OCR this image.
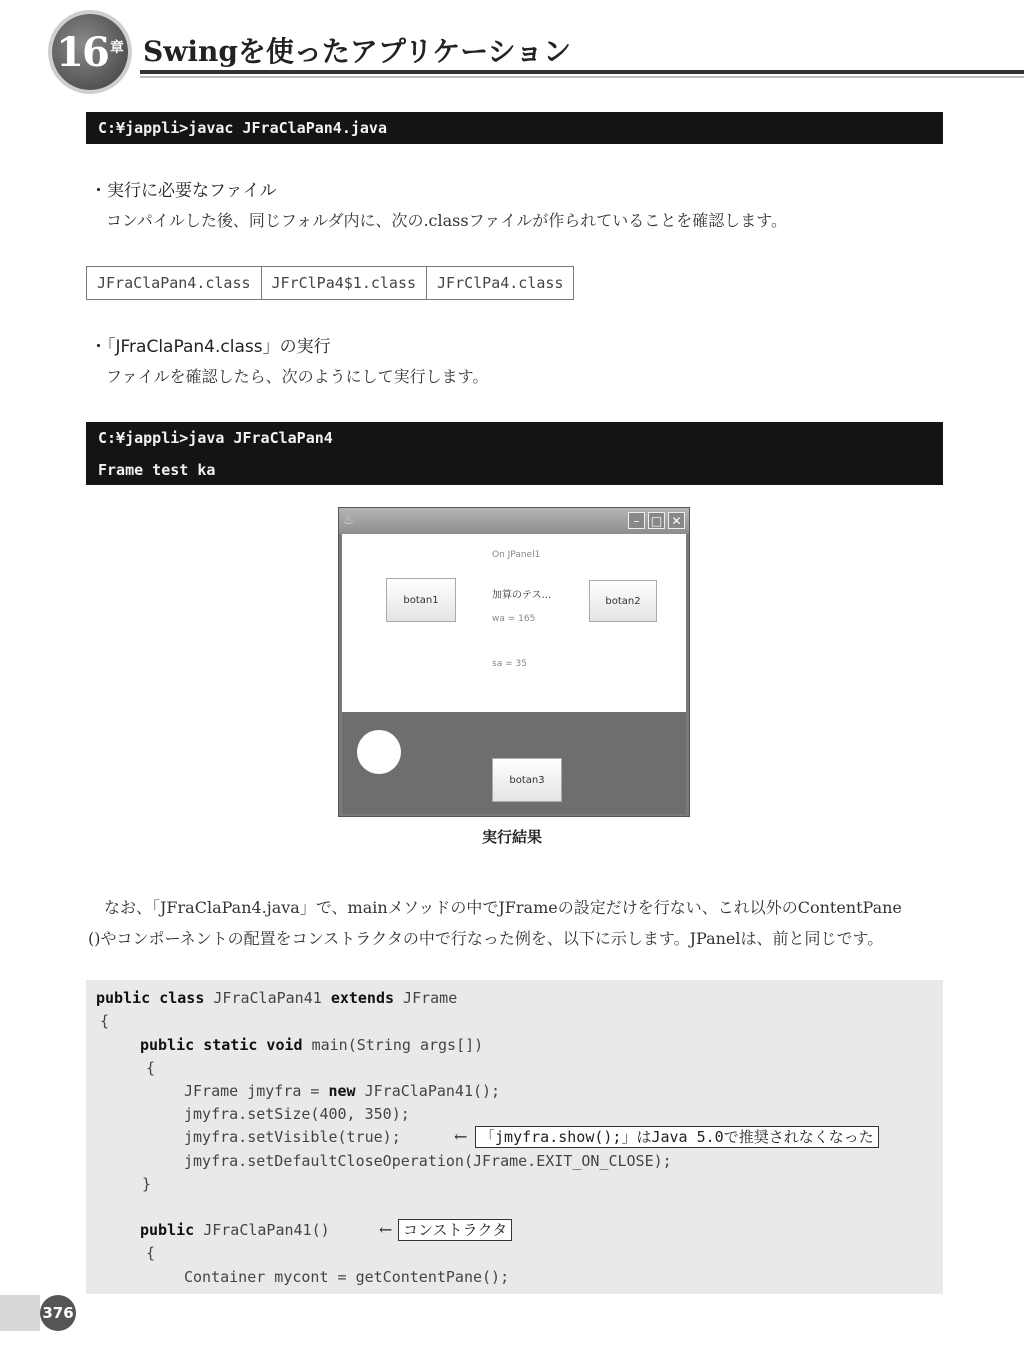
16 章 Swingを使ったアプリケーション
C:¥jappli>javac JFraClaPan4.java
・実行に必要なファイル
コンパイルした後、同じフォルダ内に、次の.classファイルが作られていることを確認します。
JFraClaPan4.class	JFrClPa4$1.class	JFrClPa4.class
・「JFraClaPan4.class」の実行
ファイルを確認したら、次のようにして実行します。
C:¥jappli>java JFraClaPan4
Frame test ka
♨	– □ ✕
On JPanel1
botan1	加算のテス...	botan2
wa = 165
sa = 35
botan3
実行結果
なお、「JFraClaPan4.java」で、mainメソッドの中でJFrameの設定だけを行ない、これ以外のContentPane
()やコンポーネントの配置をコンストラクタの中で行なった例を、以下に示します。JPanelは、前と同じです。
public class JFraClaPan41 extends JFrame
{
public static void main(String args[])
{
JFrame jmyfra = new JFraClaPan41();
jmyfra.setSize(400, 350);
jmyfra.setVisible(true);	← 「jmyfra.show();」はJava 5.0で推奨されなくなった
jmyfra.setDefaultCloseOperation(JFrame.EXIT_ON_CLOSE);
}
public JFraClaPan41()	← コンストラクタ
{
Container mycont = getContentPane();
376
